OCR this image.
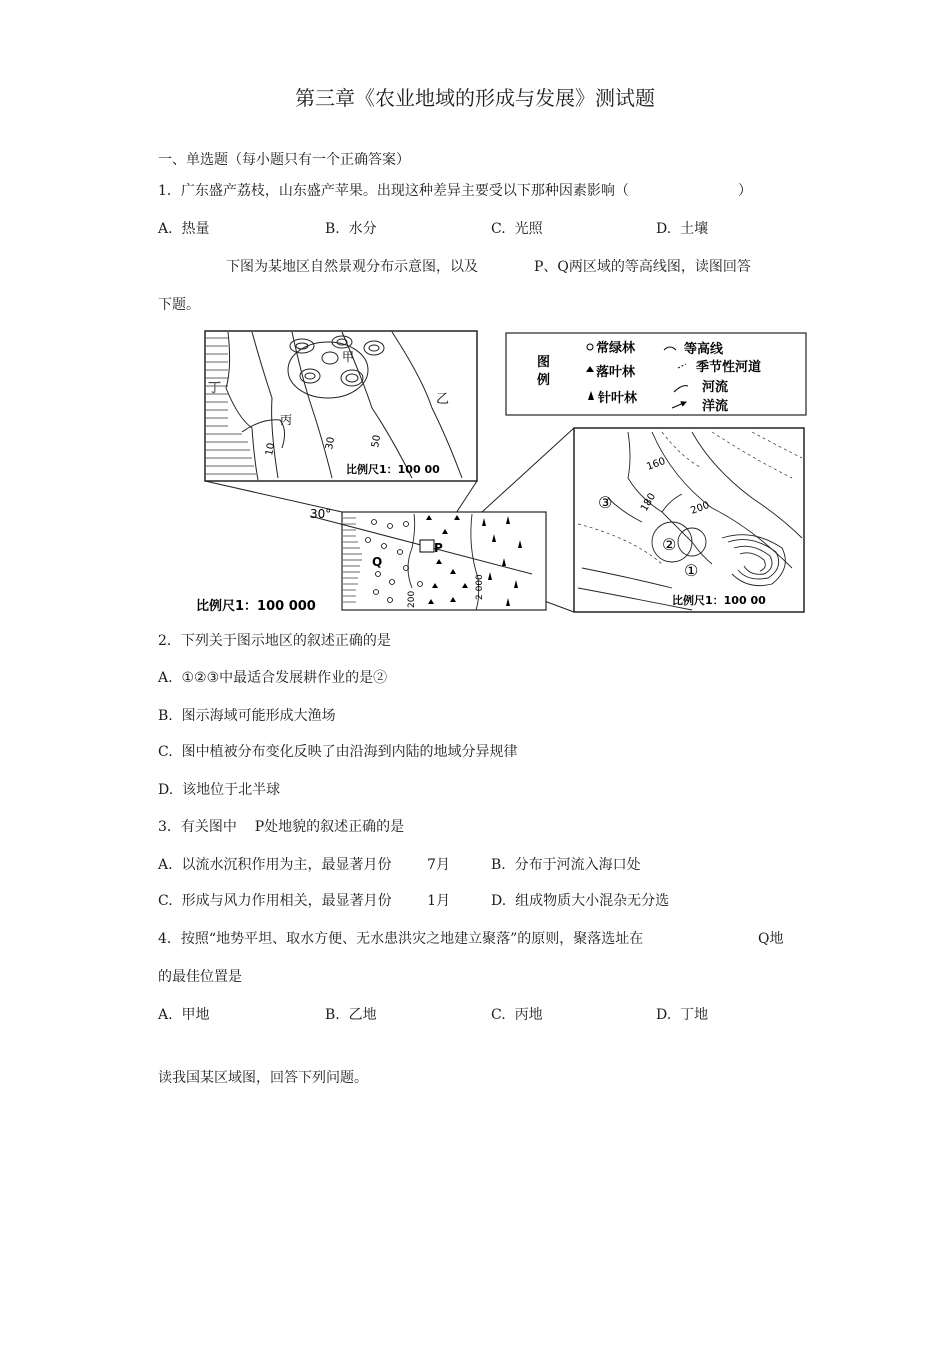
第三章《农业地域的形成与发展》测试题
一、单选题（每小题只有一个正确答案）
1．广东盛产荔枝，山东盛产苹果。出现这种差异主要受以下那种因素影响（	）
A.  热量	B.  水分	C.  光照	D.  土壤
下图为某地区自然景观分布示意图，以及	P、Q两区域的等高线图，读图回答
下题。
甲
乙
丙
丁
10	30	50
比例尺1：100 00
图
例
常绿林
落叶林
针叶林
等高线
季节性河道
河流
洋流
30°
P
Q
200	2 000
比例尺1：100 000
160
180	200
③
②
①
比例尺1：100 00
2．下列关于图示地区的叙述正确的是
A.  ①②③中最适合发展耕作业的是②
B.  图示海域可能形成大渔场
C.  图中植被分布变化反映了由沿海到内陆的地域分异规律
D.  该地位于北半球
3．有关图中    P处地貌的叙述正确的是
A.  以流水沉积作用为主，最显著月份        7月	B.  分布于河流入海口处
C.  形成与风力作用相关，最显著月份        1月	D.  组成物质大小混杂无分选
4．按照“地势平坦、取水方便、无水患洪灾之地建立聚落”的原则，聚落选址在	Q地
的最佳位置是
A.  甲地	B.  乙地	C.  丙地	D.  丁地
读我国某区域图，回答下列问题。
